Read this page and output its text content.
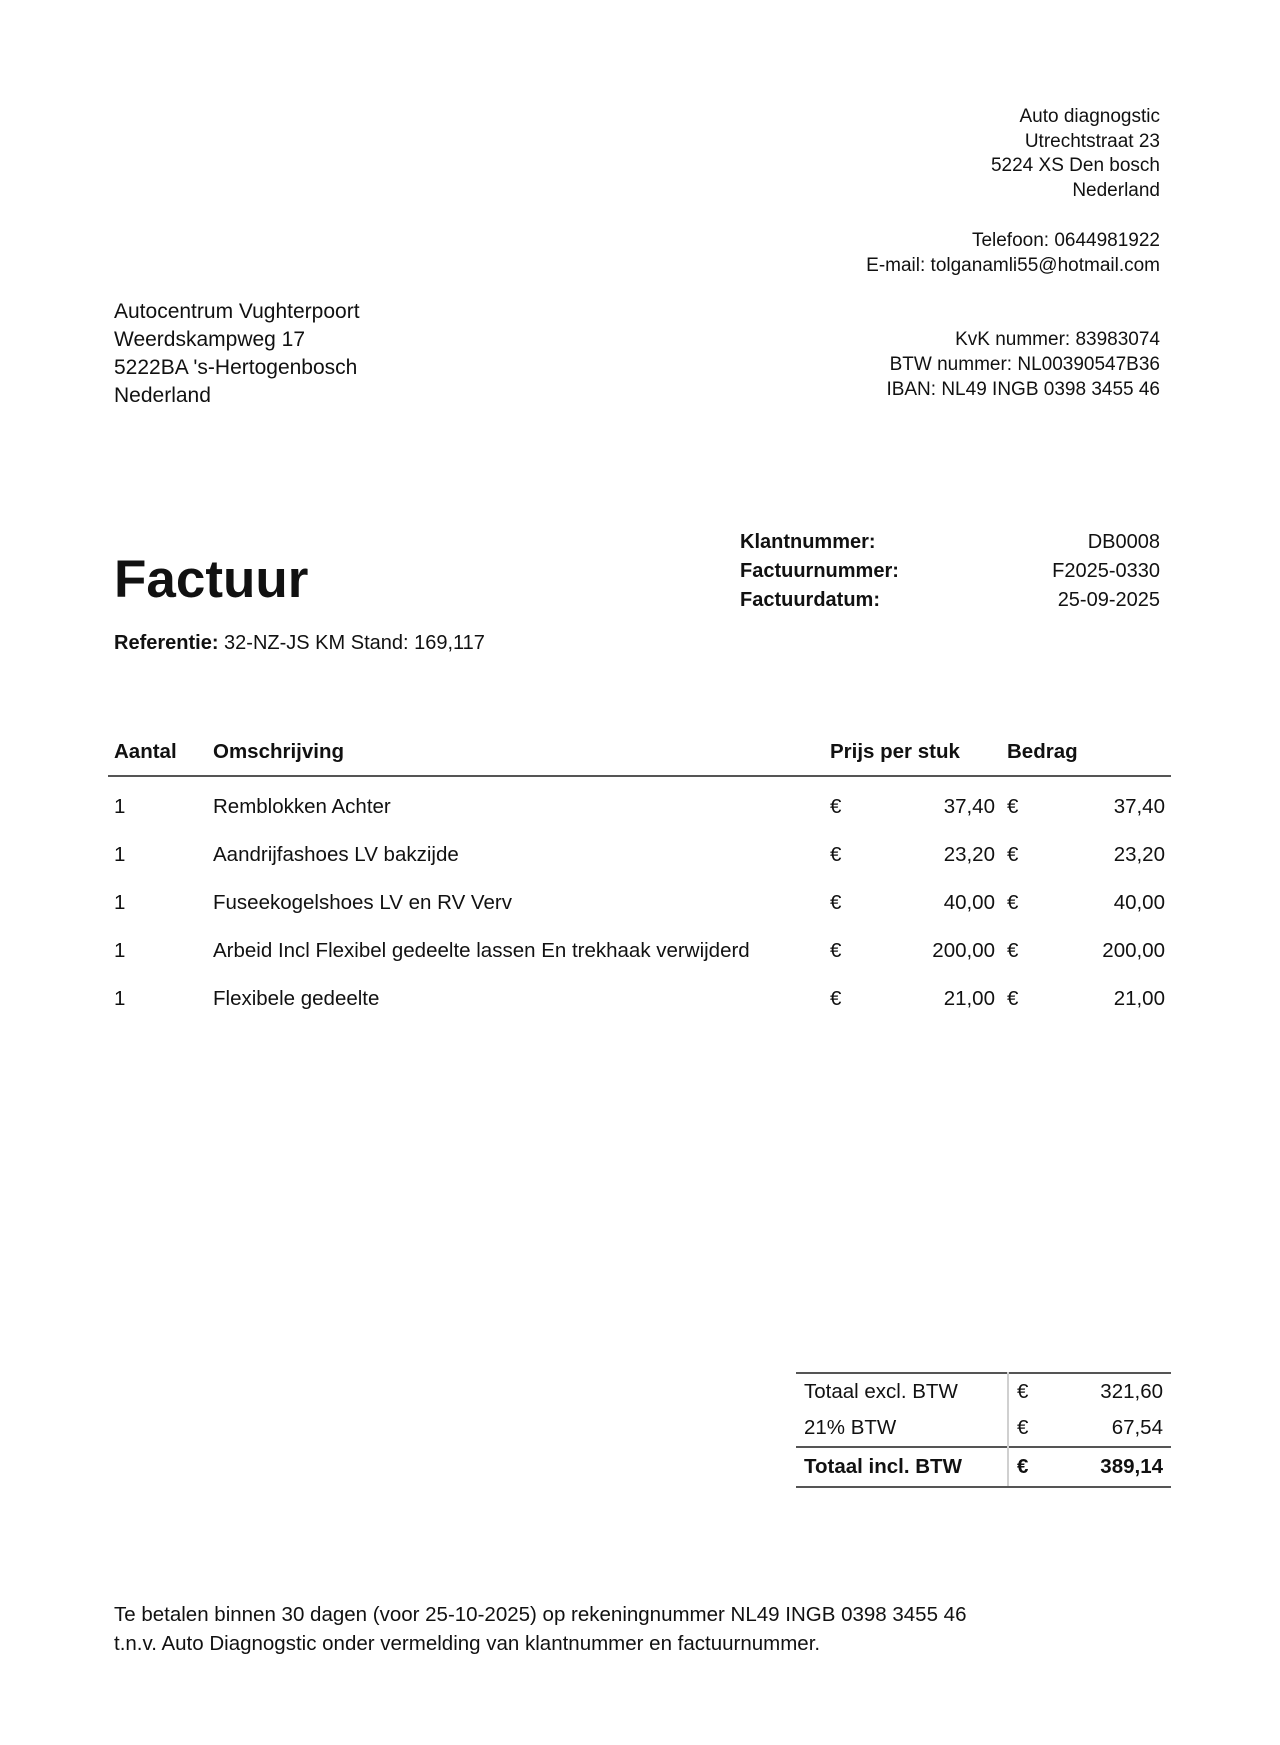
Auto diagnogstic
Utrechtstraat 23
5224 XS Den bosch
Nederland
Telefoon: 0644981922
E-mail: tolganamli55@hotmail.com
KvK nummer: 83983074
BTW nummer: NL00390547B36
IBAN: NL49 INGB 0398 3455 46
Autocentrum Vughterpoort
Weerdskampweg 17
5222BA 's-Hertogenbosch
Nederland
Factuur
Klantnummer:	DB0008
Factuurnummer:	F2025-0330
Factuurdatum:	25-09-2025
Referentie: 32-NZ-JS KM Stand: 169,117
Aantal	Omschrijving	Prijs per stuk		Bedrag	
1	Remblokken Achter	€	37,40	€	37,40
1	Aandrijfashoes LV bakzijde	€	23,20	€	23,20
1	Fuseekogelshoes LV en RV Verv	€	40,00	€	40,00
1	Arbeid Incl Flexibel gedeelte lassen En trekhaak verwijderd	€	200,00	€	200,00
1	Flexibele gedeelte	€	21,00	€	21,00
Totaal excl. BTW	€	321,60
21% BTW	€	67,54
Totaal incl. BTW	€	389,14
Te betalen binnen 30 dagen (voor 25-10-2025) op rekeningnummer NL49 INGB 0398 3455 46
t.n.v. Auto Diagnogstic onder vermelding van klantnummer en factuurnummer.
